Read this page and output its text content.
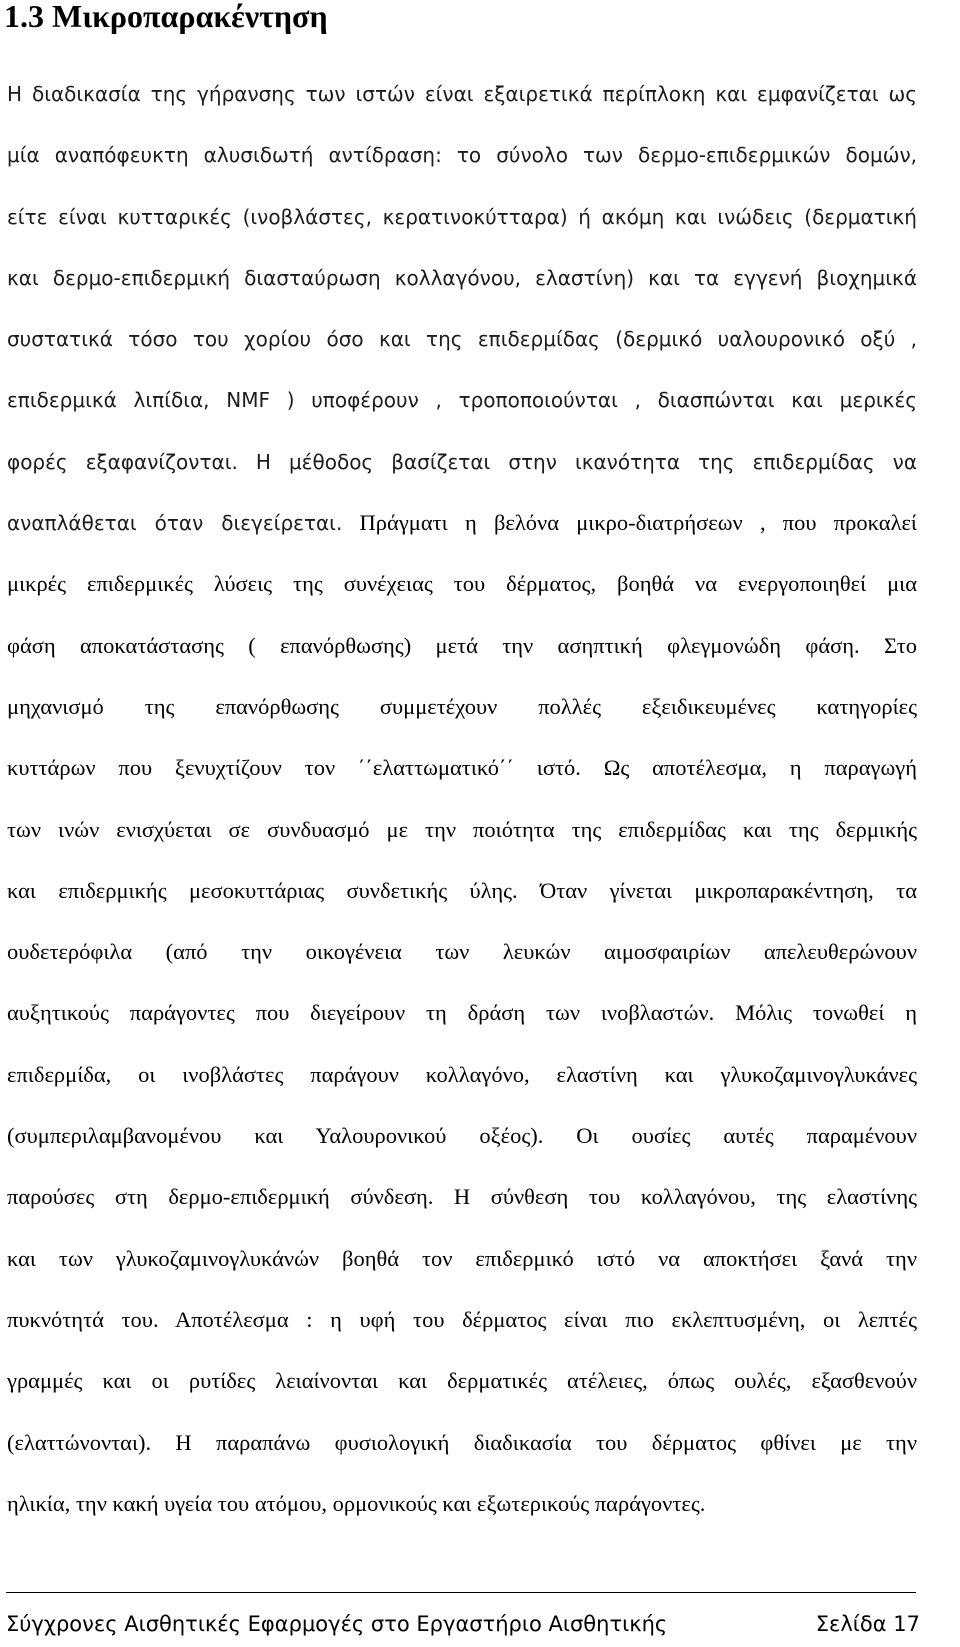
1.3 Μικροπαρακέντηση
Η διαδικασία της γήρανσης των ιστών είναι εξαιρετικά περίπλοκη και εμφανίζεται ως
μία αναπόφευκτη αλυσιδωτή αντίδραση: το σύνολο των δερμο-επιδερμικών δομών,
είτε είναι κυτταρικές (ινοβλάστες, κερατινοκύτταρα) ή ακόμη και ινώδεις (δερματική
και δερμο-επιδερμική διασταύρωση κολλαγόνου, ελαστίνη) και τα εγγενή βιοχημικά
συστατικά τόσο του χορίου όσο και της επιδερμίδας (δερμικό υαλουρονικό οξύ ,
επιδερμικά λιπίδια, NMF ) υποφέρουν , τροποποιούνται , διασπώνται και μερικές
φορές εξαφανίζονται. Η μέθοδος βασίζεται στην ικανότητα της επιδερμίδας να
αναπλάθεται όταν διεγείρεται. Πράγματι η βελόνα μικρο-διατρήσεων , που προκαλεί
μικρές επιδερμικές λύσεις της συνέχειας του δέρματος, βοηθά να ενεργοποιηθεί μια
φάση αποκατάστασης ( επανόρθωσης) μετά την ασηπτική φλεγμονώδη φάση. Στο
μηχανισμό της επανόρθωσης συμμετέχουν πολλές εξειδικευμένες κατηγορίες
κυττάρων που ξενυχτίζουν τον ΄΄ελαττωματικό΄΄ ιστό. Ως αποτέλεσμα, η παραγωγή
των ινών ενισχύεται σε συνδυασμό με την ποιότητα της επιδερμίδας και της δερμικής
και επιδερμικής μεσοκυττάριας συνδετικής ύλης. Όταν γίνεται μικροπαρακέντηση, τα
ουδετερόφιλα (από την οικογένεια των λευκών αιμοσφαιρίων απελευθερώνουν
αυξητικούς παράγοντες που διεγείρουν τη δράση των ινοβλαστών. Μόλις τονωθεί η
επιδερμίδα, οι ινοβλάστες παράγουν κολλαγόνο, ελαστίνη και γλυκοζαμινογλυκάνες
(συμπεριλαμβανομένου και Υαλουρονικού οξέος). Οι ουσίες αυτές παραμένουν
παρούσες στη δερμο-επιδερμική σύνδεση. Η σύνθεση του κολλαγόνου, της ελαστίνης
και των γλυκοζαμινογλυκάνών βοηθά τον επιδερμικό ιστό να αποκτήσει ξανά την
πυκνότητά του. Αποτέλεσμα : η υφή του δέρματος είναι πιο εκλεπτυσμένη, οι λεπτές
γραμμές και οι ρυτίδες λειαίνονται και δερματικές ατέλειες, όπως ουλές, εξασθενούν
(ελαττώνονται). Η παραπάνω φυσιολογική διαδικασία του δέρματος φθίνει με την
ηλικία, την κακή υγεία του ατόμου, ορμονικούς και εξωτερικούς παράγοντες.
Σύγχρονες Αισθητικές Εφαρμογές στο Εργαστήριο Αισθητικής	Σελίδα 17
